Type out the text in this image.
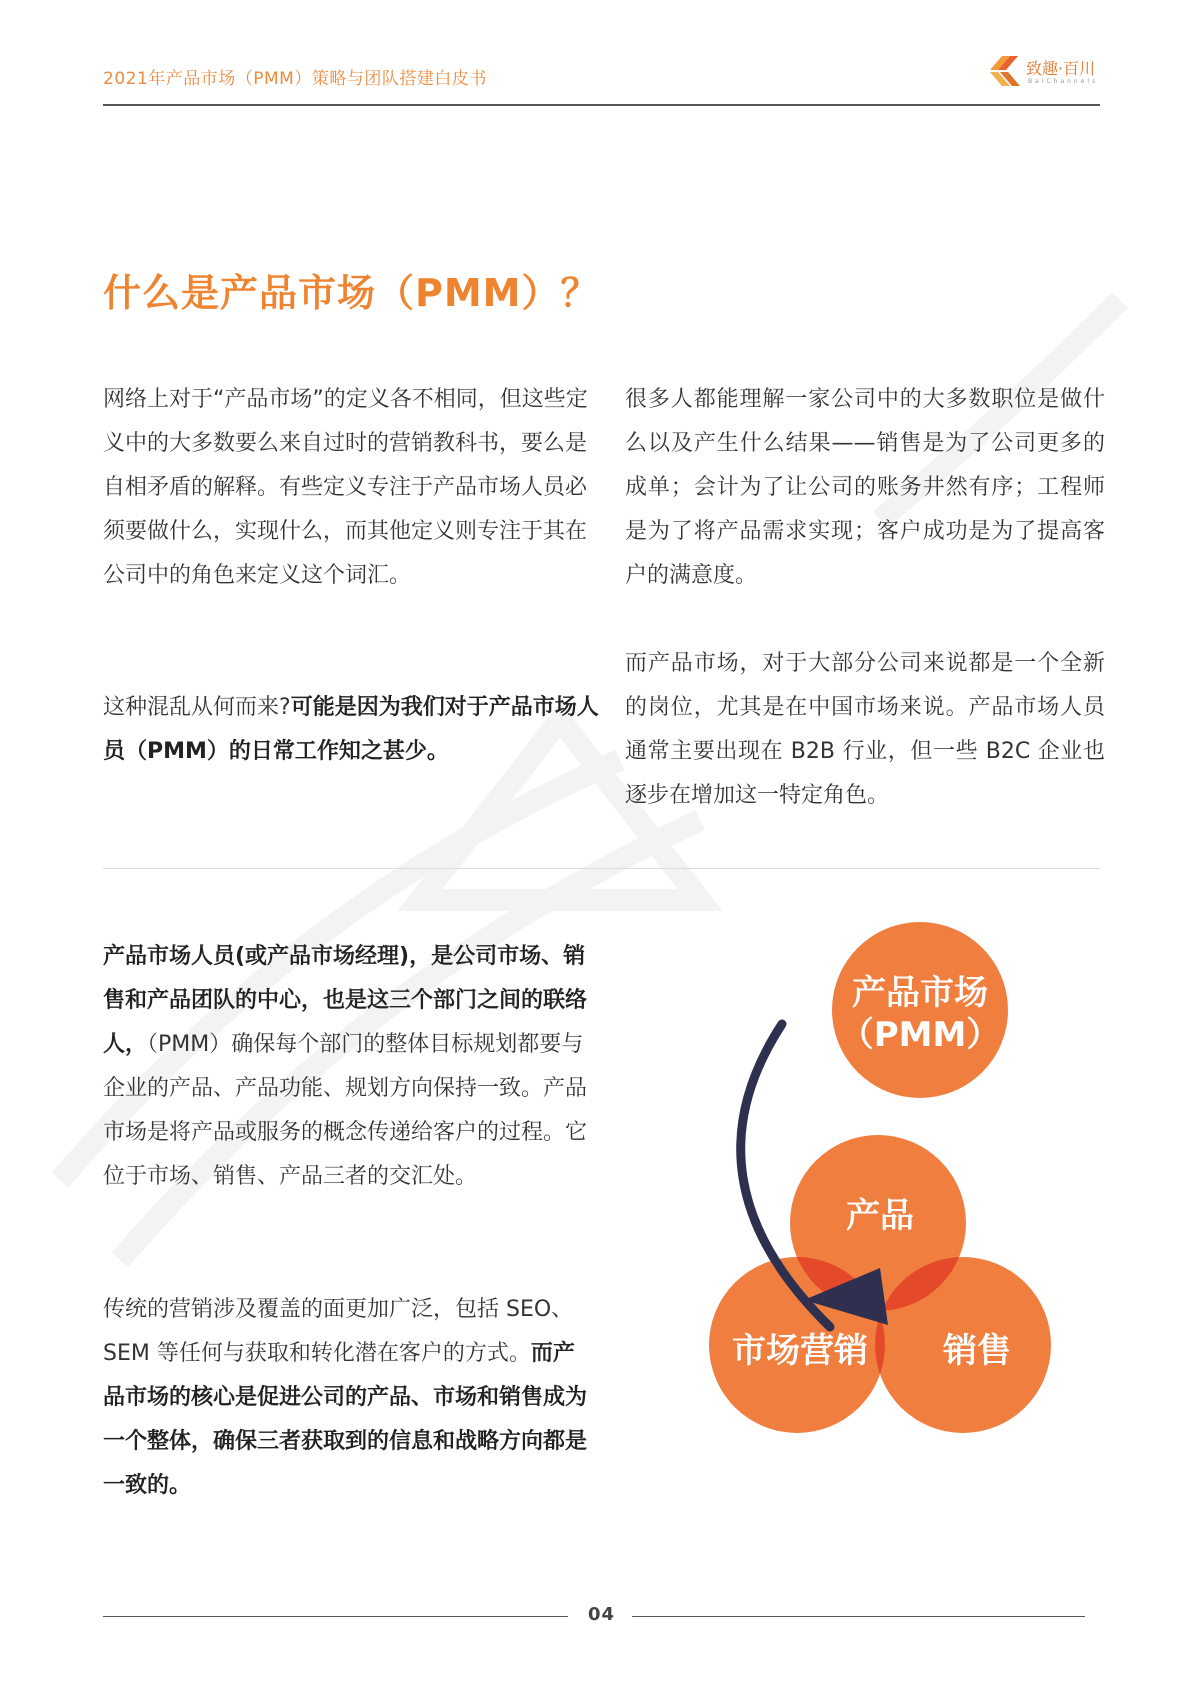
2021年产品市场（PMM）策略与团队搭建白皮书
致趣·百川
BaiChannels
什么是产品市场（PMM）？

网络上对于“产品市场”的定义各不相同，但这些定义中的大多数要么来自过时的营销教科书，要么是自相矛盾的解释。有些定义专注于产品市场人员必须要做什么，实现什么，而其他定义则专注于其在公司中的角色来定义这个词汇。

这种混乱从何而来?可能是因为我们对于产品市场人员（PMM）的日常工作知之甚少。

很多人都能理解一家公司中的大多数职位是做什么以及产生什么结果——销售是为了公司更多的成单；会计为了让公司的账务井然有序；工程师是为了将产品需求实现；客户成功是为了提高客户的满意度。

而产品市场，对于大部分公司来说都是一个全新的岗位，尤其是在中国市场来说。产品市场人员通常主要出现在 B2B 行业，但一些 B2C 企业也逐步在增加这一特定角色。

产品市场人员(或产品市场经理)，是公司市场、销售和产品团队的中心，也是这三个部门之间的联络人，（PMM）确保每个部门的整体目标规划都要与企业的产品、产品功能、规划方向保持一致。产品市场是将产品或服务的概念传递给客户的过程。它位于市场、销售、产品三者的交汇处。

传统的营销涉及覆盖的面更加广泛，包括 SEO、SEM 等任何与获取和转化潜在客户的方式。而产品市场的核心是促进公司的产品、市场和销售成为一个整体，确保三者获取到的信息和战略方向都是一致的。

产品市场
（PMM）
产品
市场营销	销售
04
